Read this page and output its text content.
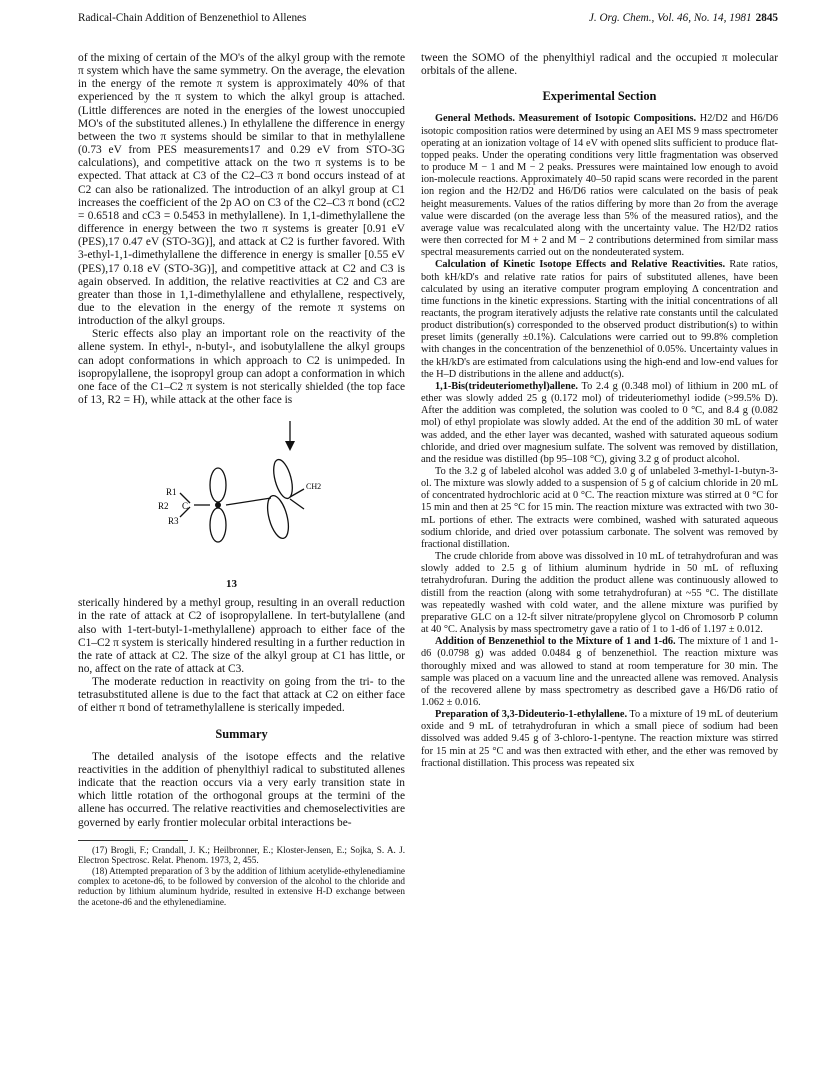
Radical-Chain Addition of Benzenethiol to Allenes	J. Org. Chem., Vol. 46, No. 14, 1981 2845

of the mixing of certain of the MO's of the alkyl group with the remote π system which have the same symmetry. On the average, the elevation in the energy of the remote π system is approximately 40% of that experienced by the π system to which the alkyl group is attached. (Little differences are noted in the energies of the lowest unoccupied MO's of the substituted allenes.) In ethylallene the difference in energy between the two π systems should be similar to that in methylallene (0.73 eV from PES measurements17 and 0.29 eV from STO-3G calculations), and competitive attack on the two π systems is to be expected. That attack at C3 of the C2–C3 π bond occurs instead of at C2 can also be rationalized. The introduction of an alkyl group at C1 increases the coefficient of the 2p AO on C3 of the C2–C3 π bond (cC2 = 0.6518 and cC3 = 0.5453 in methylallene). In 1,1-dimethylallene the difference in energy between the two π systems is greater [0.91 eV (PES),17 0.47 eV (STO-3G)], and attack at C2 is further favored. With 3-ethyl-1,1-dimethylallene the difference in energy is smaller [0.55 eV (PES),17 0.18 eV (STO-3G)], and competitive attack at C2 and C3 is again observed. In addition, the relative reactivities at C2 and C3 are greater than those in 1,1-dimethylallene and ethylallene, respectively, due to the elevation in the energy of the remote π systems on introduction of the alkyl groups.

Steric effects also play an important role on the reactivity of the allene system. In ethyl-, n-butyl-, and isobutylallene the alkyl groups can adopt conformations in which approach to C2 is unimpeded. In isopropylallene, the isopropyl group can adopt a conformation in which one face of the C1–C2 π system is not sterically shielded (the top face of 13, R2 = H), while attack at the other face is

R1
R2
R3
C
CH2
13

sterically hindered by a methyl group, resulting in an overall reduction in the rate of attack at C2 of isopropylallene. In tert-butylallene (and also with 1-tert-butyl-1-methylallene) approach to either face of the C1–C2 π system is sterically hindered resulting in a further reduction in the rate of attack at C2. The size of the alkyl group at C1 has little, or no, affect on the rate of attack at C3.

The moderate reduction in reactivity on going from the tri- to the tetrasubstituted allene is due to the fact that attack at C2 on either face of either π bond of tetramethylallene is sterically impeded.

Summary

The detailed analysis of the isotope effects and the relative reactivities in the addition of phenylthiyl radical to substituted allenes indicate that the reaction occurs via a very early transition state in which little rotation of the orthogonal groups at the termini of the allene has occurred. The relative reactivities and chemoselectivities are governed by early frontier molecular orbital interactions be-

(17) Brogli, F.; Crandall, J. K.; Heilbronner, E.; Kloster-Jensen, E.; Sojka, S. A. J. Electron Spectrosc. Relat. Phenom. 1973, 2, 455.

(18) Attempted preparation of 3 by the addition of lithium acetylide-ethylenediamine complex to acetone-d6, to be followed by conversion of the alcohol to the chloride and reduction by lithium aluminum hydride, resulted in extensive H-D exchange between the acetone-d6 and the ethylenediamine.

tween the SOMO of the phenylthiyl radical and the occupied π molecular orbitals of the allene.

Experimental Section

General Methods. Measurement of Isotopic Compositions. H2/D2 and H6/D6 isotopic composition ratios were determined by using an AEI MS 9 mass spectrometer operating at an ionization voltage of 14 eV with opened slits sufficient to produce flat-topped peaks. Under the operating conditions very little fragmentation was observed to produce M − 1 and M − 2 peaks. Pressures were maintained low enough to avoid ion-molecule reactions. Approximately 40–50 rapid scans were recorded in the parent ion region and the H2/D2 and H6/D6 ratios were calculated on the basis of peak height measurements. Values of the ratios differing by more than 2σ from the average value were discarded (on the average less than 5% of the measured ratios), and the average value was recalculated along with the uncertainty value. The H2/D2 ratios were then corrected for M + 2 and M − 2 contributions determined from similar mass spectral measurements carried out on the nondeuterated system.

Calculation of Kinetic Isotope Effects and Relative Reactivities. Rate ratios, both kH/kD's and relative rate ratios for pairs of substituted allenes, have been calculated by using an iterative computer program employing Δ concentration and time functions in the kinetic expressions. Starting with the initial concentrations of all reactants, the program iteratively adjusts the relative rate constants until the calculated product distribution(s) corresponded to the observed product distribution(s) to within preset limits (generally ±0.1%). Calculations were carried out to 99.8% completion with changes in the concentration of the benzenethiol of 0.05%. Uncertainty values in the kH/kD's are estimated from calculations using the high-end and low-end values for the H–D distributions in the allene and adduct(s).

1,1-Bis(trideuteriomethyl)allene. To 2.4 g (0.348 mol) of lithium in 200 mL of ether was slowly added 25 g (0.172 mol) of trideuteriomethyl iodide (>99.5% D). After the addition was completed, the solution was cooled to 0 °C, and 8.4 g (0.082 mol) of ethyl propiolate was slowly added. At the end of the addition 30 mL of water was added, and the ether layer was decanted, washed with saturated aqueous sodium chloride, and dried over magnesium sulfate. The solvent was removed by distillation, and the residue was distilled (bp 95–108 °C), giving 3.2 g of product alcohol.

To the 3.2 g of labeled alcohol was added 3.0 g of unlabeled 3-methyl-1-butyn-3-ol. The mixture was slowly added to a suspension of 5 g of calcium chloride in 20 mL of concentrated hydrochloric acid at 0 °C. The reaction mixture was stirred at 0 °C for 15 min and then at 25 °C for 15 min. The reaction mixture was extracted with two 30-mL portions of ether. The extracts were combined, washed with saturated aqueous sodium chloride, and dried over potassium carbonate. The solvent was removed by fractional distillation.

The crude chloride from above was dissolved in 10 mL of tetrahydrofuran and was slowly added to 2.5 g of lithium aluminum hydride in 50 mL of refluxing tetrahydrofuran. During the addition the product allene was continuously allowed to distill from the reaction (along with some tetrahydrofuran) at ~55 °C. The distillate was repeatedly washed with cold water, and the allene mixture was purified by preparative GLC on a 12-ft silver nitrate/propylene glycol on Chromosorb P column at 40 °C. Analysis by mass spectrometry gave a ratio of 1 to 1-d6 of 1.197 ± 0.012.

Addition of Benzenethiol to the Mixture of 1 and 1-d6. The mixture of 1 and 1-d6 (0.0798 g) was added 0.0484 g of benzenethiol. The reaction mixture was thoroughly mixed and was allowed to stand at room temperature for 30 min. The sample was placed on a vacuum line and the unreacted allene was removed. Analysis of the recovered allene by mass spectrometry as described gave a H6/D6 ratio of 1.062 ± 0.016.

Preparation of 3,3-Dideuterio-1-ethylallene. To a mixture of 19 mL of deuterium oxide and 9 mL of tetrahydrofuran in which a small piece of sodium had been dissolved was added 9.45 g of 3-chloro-1-pentyne. The reaction mixture was stirred for 15 min at 25 °C and was then extracted with ether, and the ether was removed by fractional distillation. This process was repeated six
